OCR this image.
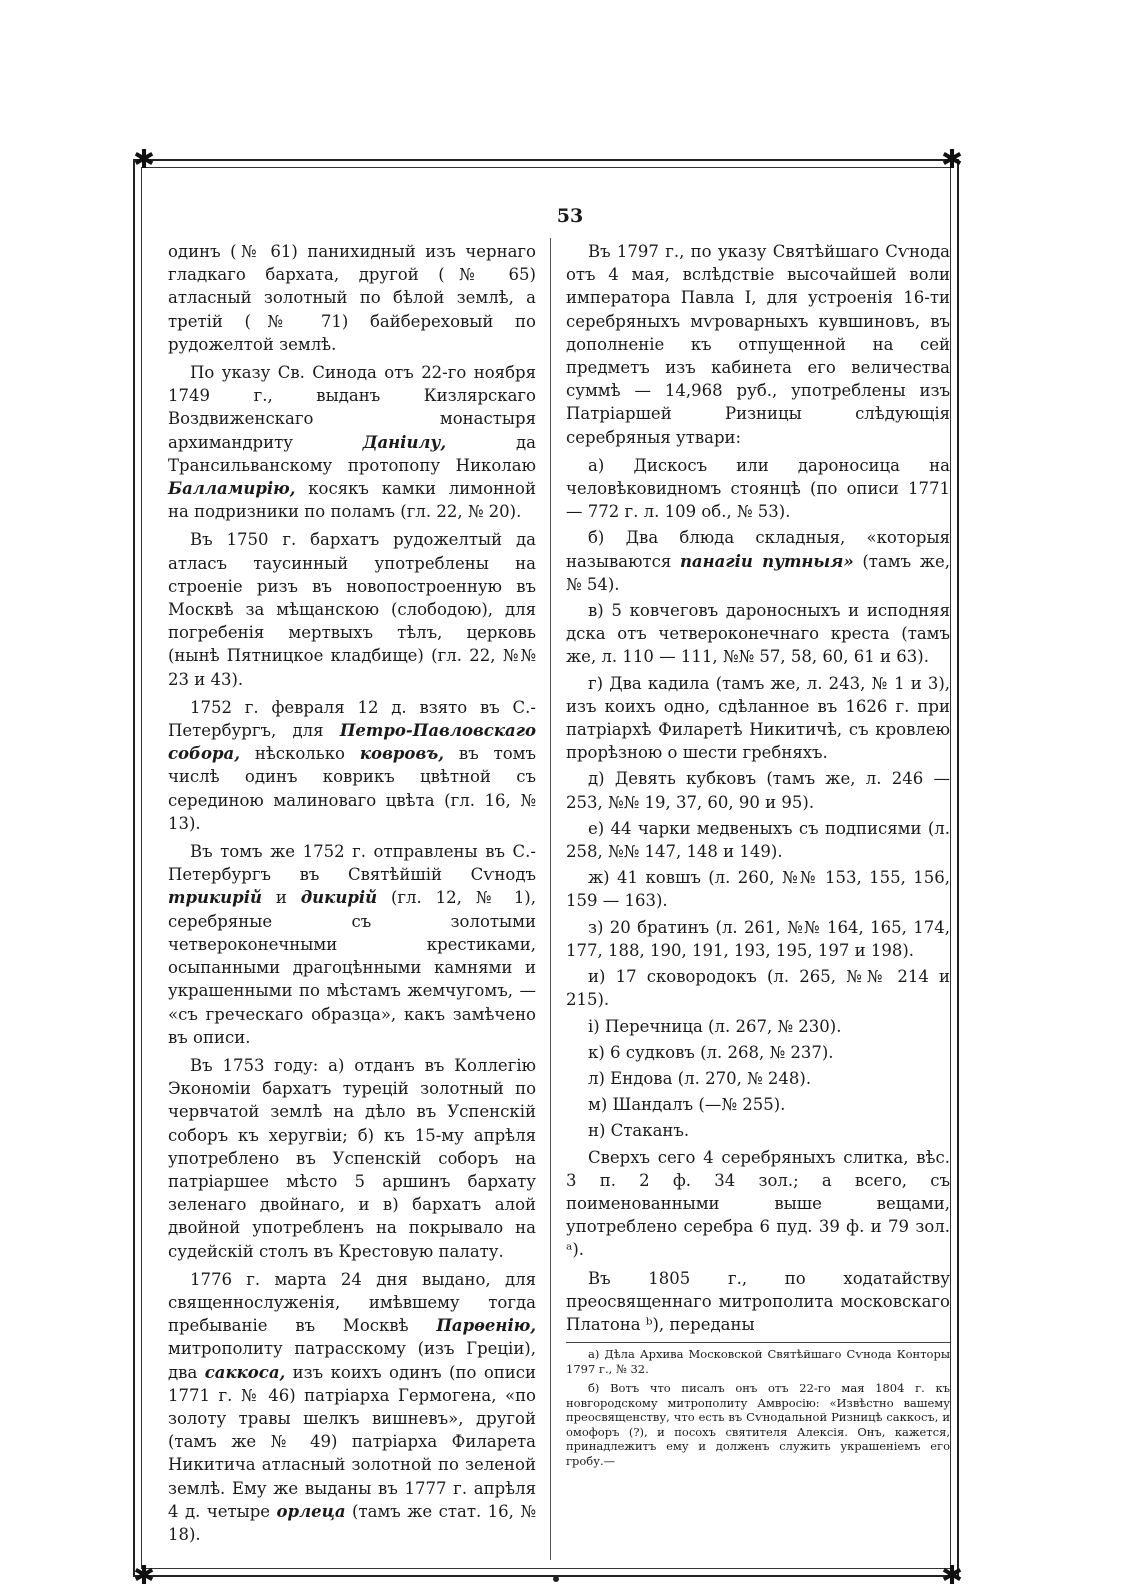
✱	✱
✱	✱
53

одинъ (№ 61) панихидный изъ чернаго гладкаго бархата, другой (№ 65) атласный золотный по бѣлой землѣ, а третій (№ 71) байбереховый по рудожелтой землѣ.

По указу Св. Синода отъ 22-го ноября 1749 г., выданъ Кизлярскаго Воздвиженскаго монастыря архимандриту Данiилу, да Трансильванскому протопопу Николаю Балламирiю, косякъ камки лимонной на подризники по поламъ (гл. 22, № 20).

Въ 1750 г. бархатъ рудожелтый да атласъ таусинный употреблены на строеніе ризъ въ новопостроенную въ Москвѣ за мѣщанскою (слободою), для погребенія мертвыхъ тѣлъ, церковь (нынѣ Пятницкое кладбище) (гл. 22, №№ 23 и 43).

1752 г. февраля 12 д. взято въ С.-Петербургъ, для Петро-Павловскаго собора, нѣсколько ковровъ, въ томъ числѣ одинъ коврикъ цвѣтной съ серединою малиноваго цвѣта (гл. 16, № 13).

Въ томъ же 1752 г. отправлены въ С.-Петербургъ въ Святѣйшій Сѵнодъ трикирій и дикирій (гл. 12, № 1), серебряные съ золотыми четвероконечными крестиками, осыпанными драгоцѣнными камнями и украшенными по мѣстамъ жемчугомъ, — «съ греческаго образца», какъ замѣчено въ описи.

Въ 1753 году: а) отданъ въ Коллегію Экономіи бархатъ турецій золотный по червчатой землѣ на дѣло въ Успенскій соборъ къ херугвіи; б) къ 15-му апрѣля употреблено въ Успенскій соборъ на патріаршее мѣсто 5 аршинъ бархату зеленаго двойнаго, и в) бархатъ алой двойной употребленъ на покрывало на судейскій столъ въ Крестовую палату.

1776 г. марта 24 дня выдано, для священнослуженія, имѣвшему тогда пребываніе въ Москвѣ Парѳенію, митрополиту патрасскому (изъ Греціи), два саккоса, изъ коихъ одинъ (по описи 1771 г. № 46) патріарха Гермогена, «по золоту травы шелкъ вишневъ», другой (тамъ же № 49) патріарха Филарета Никитича атласный золотной по зеленой землѣ. Ему же выданы въ 1777 г. апрѣля 4 д. четыре орлеца (тамъ же стат. 16, № 18).

Въ 1797 г., по указу Святѣйшаго Сѵнода отъ 4 мая, вслѣдствіе высочайшей воли императора Павла I, для устроенія 16-ти серебряныхъ мѵроварныхъ кувшиновъ, въ дополненіе къ отпущенной на сей предметъ изъ кабинета его величества суммѣ — 14,968 руб., употреблены изъ Патріаршей Ризницы слѣдующія серебряныя утвари:

а) Дискосъ или дароносица на человѣковидномъ стоянцѣ (по описи 1771 — 772 г. л. 109 об., № 53).

б) Два блюда складныя, «которыя называются панагiи путныя» (тамъ же, № 54).

в) 5 ковчеговъ дароносныхъ и исподняя дска отъ четвероконечнаго креста (тамъ же, л. 110 — 111, №№ 57, 58, 60, 61 и 63).

г) Два кадила (тамъ же, л. 243, № 1 и 3), изъ коихъ одно, сдѣланное въ 1626 г. при патріархѣ Филаретѣ Никитичѣ, съ кровлею прорѣзною о шести гребняхъ.

д) Девять кубковъ (тамъ же, л. 246 — 253, №№ 19, 37, 60, 90 и 95).

е) 44 чарки медвеныхъ съ подписями (л. 258, №№ 147, 148 и 149).

ж) 41 ковшъ (л. 260, №№ 153, 155, 156, 159 — 163).

з) 20 братинъ (л. 261, №№ 164, 165, 174, 177, 188, 190, 191, 193, 195, 197 и 198).

и) 17 сковородокъ (л. 265, №№ 214 и 215).

і) Перечница (л. 267, № 230).

к) 6 судковъ (л. 268, № 237).

л) Ендова (л. 270, № 248).

м) Шандалъ (—№ 255).

н) Стаканъ.

Сверхъ сего 4 серебряныхъ слитка, вѣс. 3 п. 2 ф. 34 зол.; а всего, съ поименованными выше вещами, употреблено серебра 6 пуд. 39 ф. и 79 зол. ᵃ).

Въ 1805 г., по ходатайству преосвященнаго митрополита московскаго Платона ᵇ), переданы

а) Дѣла Архива Московской Святѣйшаго Сѵнода Конторы 1797 г., № 32.

б) Вотъ что писалъ онъ отъ 22-го мая 1804 г. къ новгородскому митрополиту Амвросію: «Извѣстно вашему преосвященству, что есть въ Сѵнодальной Ризницѣ саккосъ, и омофоръ (?), и посохъ святителя Алексія. Онъ, кажется, принадлежитъ ему и долженъ служить украшеніемъ его гробу.—
